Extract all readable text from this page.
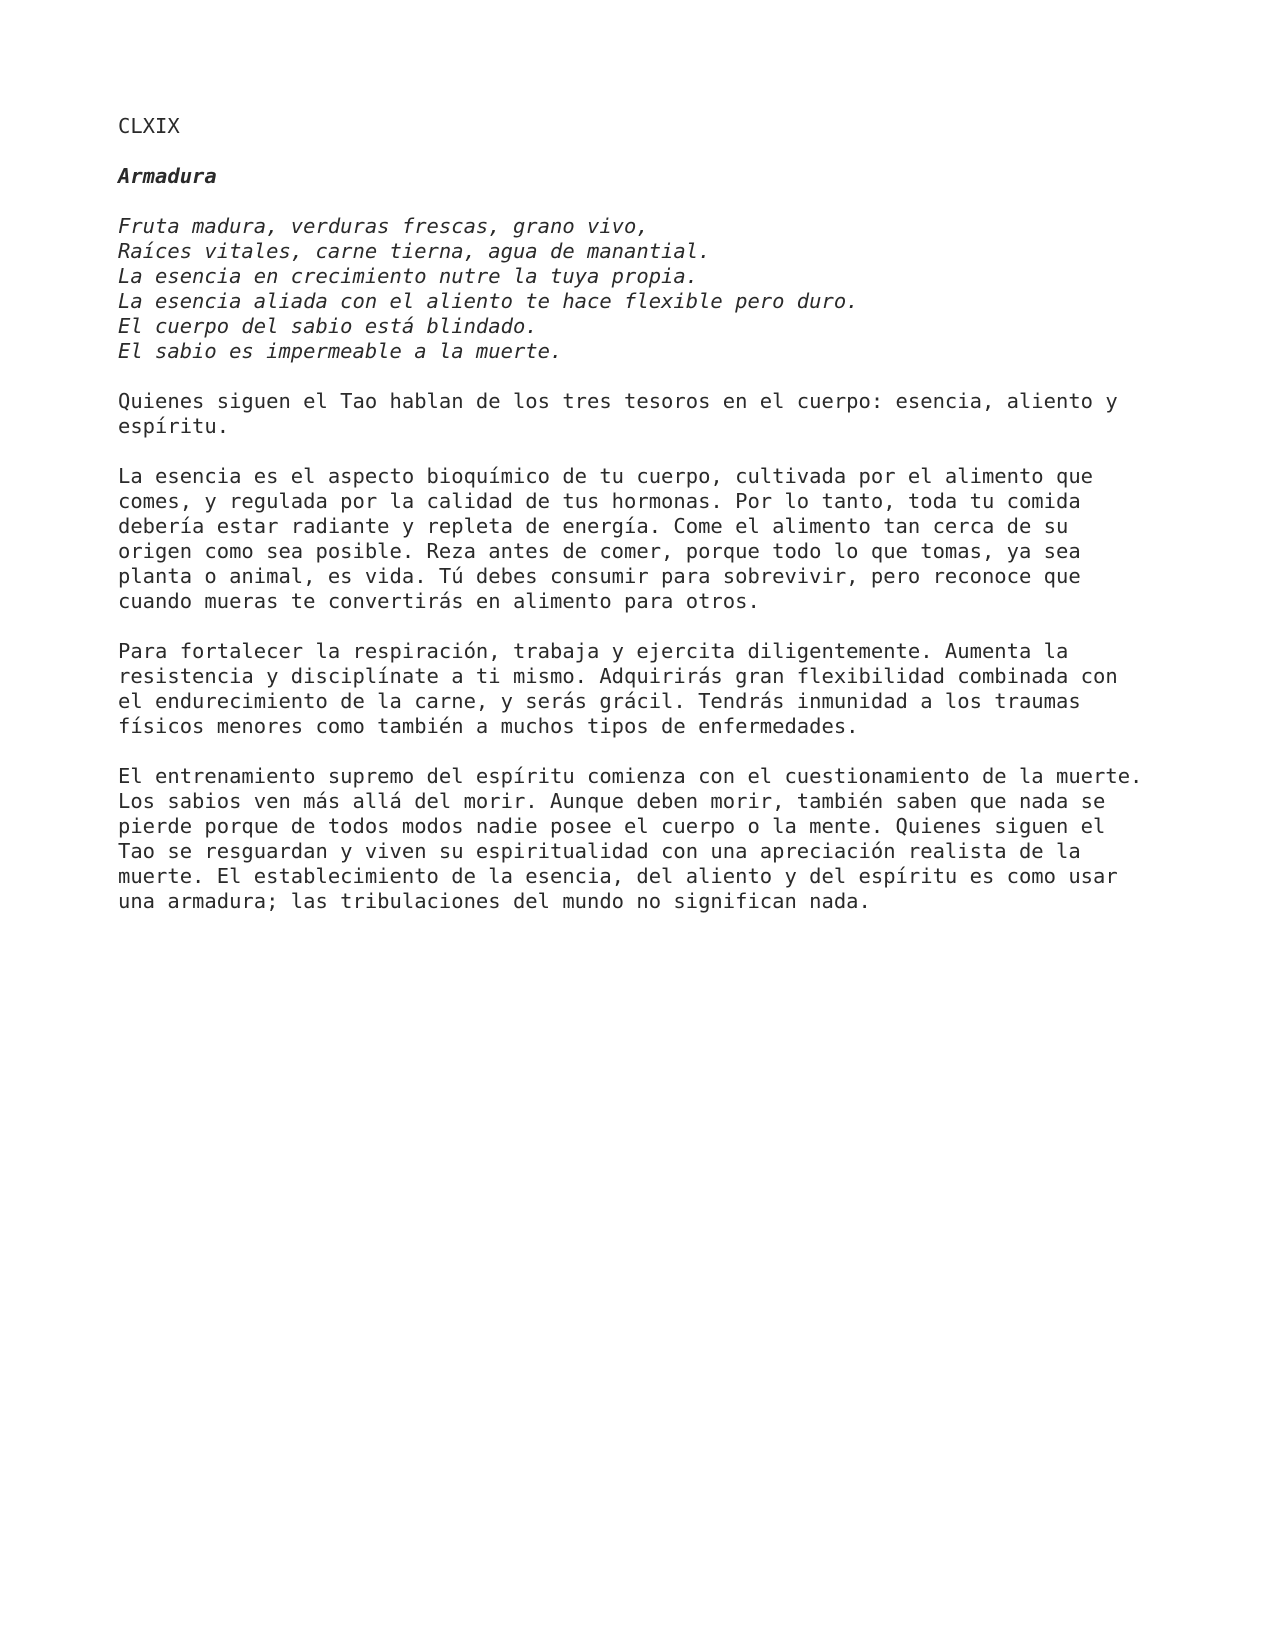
CLXIX
Armadura
Fruta madura, verduras frescas, grano vivo,
Raíces vitales, carne tierna, agua de manantial.
La esencia en crecimiento nutre la tuya propia.
La esencia aliada con el aliento te hace flexible pero duro.
El cuerpo del sabio está blindado.
El sabio es impermeable a la muerte.
Quienes siguen el Tao hablan de los tres tesoros en el cuerpo: esencia, aliento y
espíritu.
La esencia es el aspecto bioquímico de tu cuerpo, cultivada por el alimento que
comes, y regulada por la calidad de tus hormonas. Por lo tanto, toda tu comida
debería estar radiante y repleta de energía. Come el alimento tan cerca de su
origen como sea posible. Reza antes de comer, porque todo lo que tomas, ya sea
planta o animal, es vida. Tú debes consumir para sobrevivir, pero reconoce que
cuando mueras te convertirás en alimento para otros.
Para fortalecer la respiración, trabaja y ejercita diligentemente. Aumenta la
resistencia y disciplínate a ti mismo. Adquirirás gran flexibilidad combinada con
el endurecimiento de la carne, y serás grácil. Tendrás inmunidad a los traumas
físicos menores como también a muchos tipos de enfermedades.
El entrenamiento supremo del espíritu comienza con el cuestionamiento de la muerte.
Los sabios ven más allá del morir. Aunque deben morir, también saben que nada se
pierde porque de todos modos nadie posee el cuerpo o la mente. Quienes siguen el
Tao se resguardan y viven su espiritualidad con una apreciación realista de la
muerte. El establecimiento de la esencia, del aliento y del espíritu es como usar
una armadura; las tribulaciones del mundo no significan nada.
